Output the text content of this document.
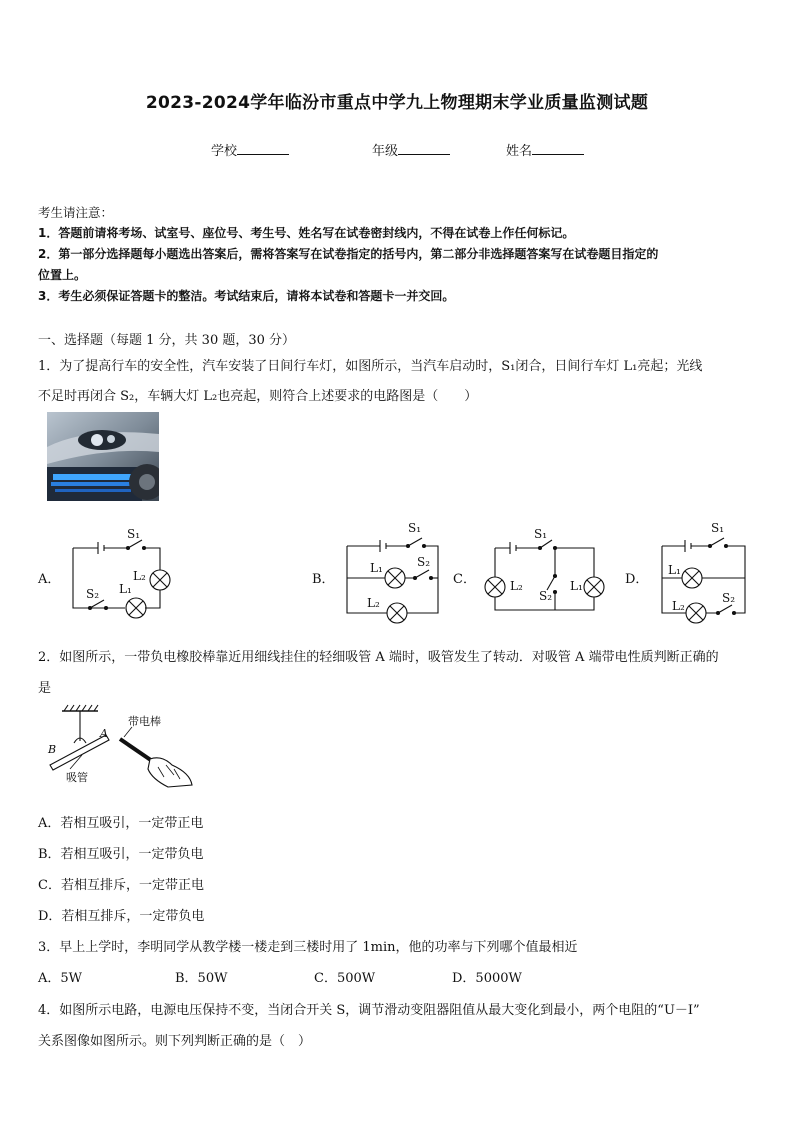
2023-2024学年临汾市重点中学九上物理期末学业质量监测试题
学校	年级	姓名
考生请注意：
1．答题前请将考场、试室号、座位号、考生号、姓名写在试卷密封线内，不得在试卷上作任何标记。
2．第一部分选择题每小题选出答案后，需将答案写在试卷指定的括号内，第二部分非选择题答案写在试卷题目指定的
位置上。
3．考生必须保证答题卡的整洁。考试结束后，请将本试卷和答题卡一并交回。
一、选择题（每题 1 分，共 30 题，30 分）
1．为了提高行车的安全性，汽车安装了日间行车灯，如图所示，当汽车启动时，S₁闭合，日间行车灯 L₁亮起；光线
不足时再闭合 S₂，车辆大灯 L₂也亮起，则符合上述要求的电路图是（　　）
S₁
S₂ L₁
L₂
S₁
S₂
L₁
L₂
S₁
S₂
L₁
L₂
S₁
S₂
L₁
L₂
A．	B．	C．	D．
2．如图所示，一带负电橡胶棒靠近用细线挂住的轻细吸管 A 端时，吸管发生了转动．对吸管 A 端带电性质判断正确的
是
带电棒
吸管
A
B
A．若相互吸引，一定带正电
B．若相互吸引，一定带负电
C．若相互排斥，一定带正电
D．若相互排斥，一定带负电
3．早上上学时，李明同学从教学楼一楼走到三楼时用了 1min，他的功率与下列哪个值最相近
A．5W	B．50W	C．500W	D．5000W
4．如图所示电路，电源电压保持不变，当闭合开关 S，调节滑动变阻器阻值从最大变化到最小，两个电阻的“U－I”
关系图像如图所示。则下列判断正确的是（　）
